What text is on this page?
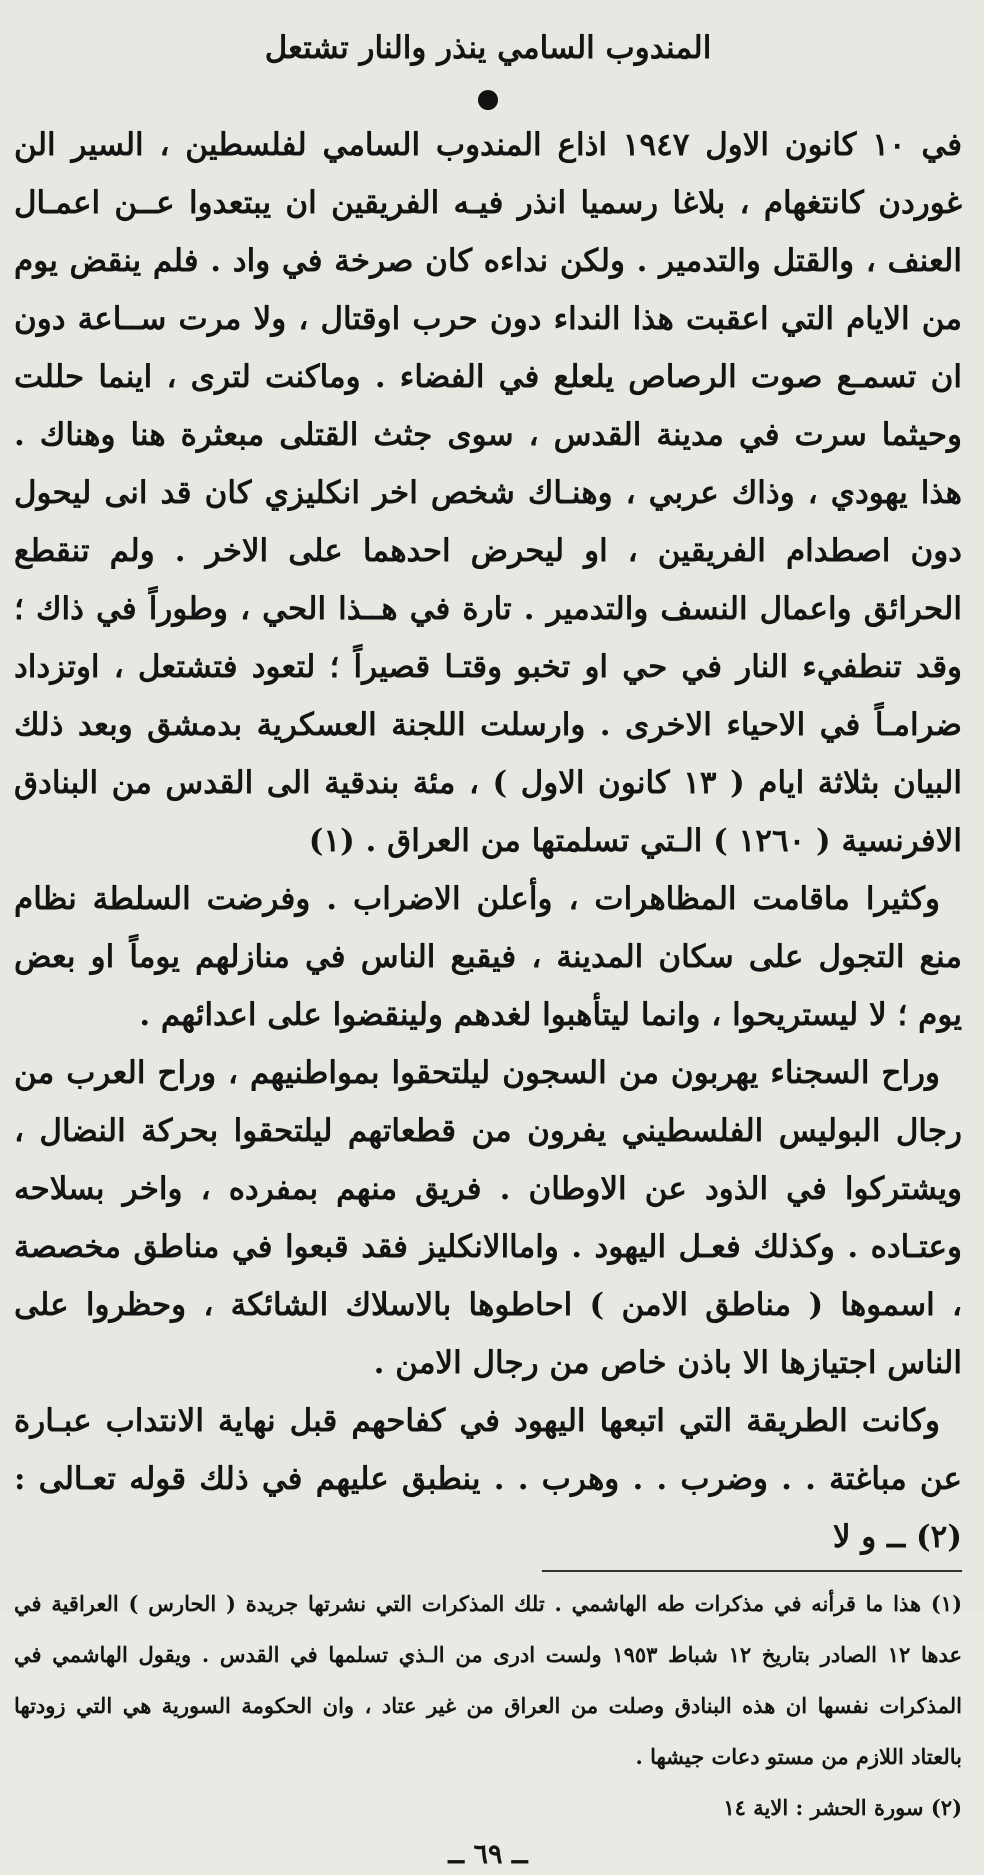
المندوب السامي ينذر والنار تشتعل

في ١٠ كانون الاول ١٩٤٧ اذاع المندوب السامي لفلسطين ، السير الن غوردن كانتغهام ، بلاغا رسميا انذر فيـه الفريقين ان يبتعدوا عــن اعمـال العنف ، والقتل والتدمير . ولكن نداءه كان صرخة في واد . فلم ينقض يوم من الايام التي اعقبت هذا النداء دون حرب اوقتال ، ولا مرت ســاعة دون ان تسمـع صوت الرصاص يلعلع في الفضاء . وماكنت لترى ، اينما حللت وحيثما سرت في مدينة القدس ، سوى جثث القتلى مبعثرة هنا وهناك . هذا يهودي ، وذاك عربي ، وهنـاك شخص اخر انكليزي كان قد انى ليحول دون اصطدام الفريقين ، او ليحرض احدهما على الاخر . ولم تنقطع الحرائق واعمال النسف والتدمير . تارة في هــذا الحي ، وطوراً في ذاك ؛ وقد تنطفيء النار في حي او تخبو وقتـا قصيراً ؛ لتعود فتشتعل ، اوتزداد ضرامـاً في الاحياء الاخرى . وارسلت اللجنة العسكرية بدمشق وبعد ذلك البيان بثلاثة ايام ( ١٣ كانون الاول ) ، مئة بندقية الى القدس من البنادق الافرنسية ( ١٢٦٠ ) الـتي تسلمتها من العراق . (١)

وكثيرا ماقامت المظاهرات ، وأعلن الاضراب . وفرضت السلطة نظام منع التجول على سكان المدينة ، فيقبع الناس في منازلهم يوماً او بعض يوم ؛ لا ليستريحوا ، وانما ليتأهبوا لغدهم ولينقضوا على اعدائهم .

وراح السجناء يهربون من السجون ليلتحقوا بمواطنيهم ، وراح العرب من رجال البوليس الفلسطيني يفرون من قطعاتهم ليلتحقوا بحركة النضال ، ويشتركوا في الذود عن الاوطان . فريق منهم بمفرده ، واخر بسلاحه وعتـاده . وكذلك فعـل اليهود . واماالانكليز فقد قبعوا في مناطق مخصصة ، اسموها ( مناطق الامن ) احاطوها بالاسلاك الشائكة ، وحظروا على الناس اجتيازها الا باذن خاص من رجال الامن .

وكانت الطريقة التي اتبعها اليهود في كفاحهم قبل نهاية الانتداب عبـارة عن مباغتة . . وضرب . . وهرب . . ينطبق عليهم في ذلك قوله تعـالى : (٢) ــ و لا

(١) هذا ما قرأنه في مذكرات طه الهاشمي . تلك المذكرات التي نشرتها جريدة ( الحارس ) العراقية في عدها ١٢ الصادر بتاريخ ١٢ شباط ١٩٥٣ ولست ادرى من الـذي تسلمها في القدس . ويقول الهاشمي في المذكرات نفسها ان هذه البنادق وصلت من العراق من غير عتاد ، وان الحكومة السورية هي التي زودتها بالعتاد اللازم من مستو دعات جيشها .

(٢) سورة الحشر : الاية ١٤

ــ ٦٩ ــ
